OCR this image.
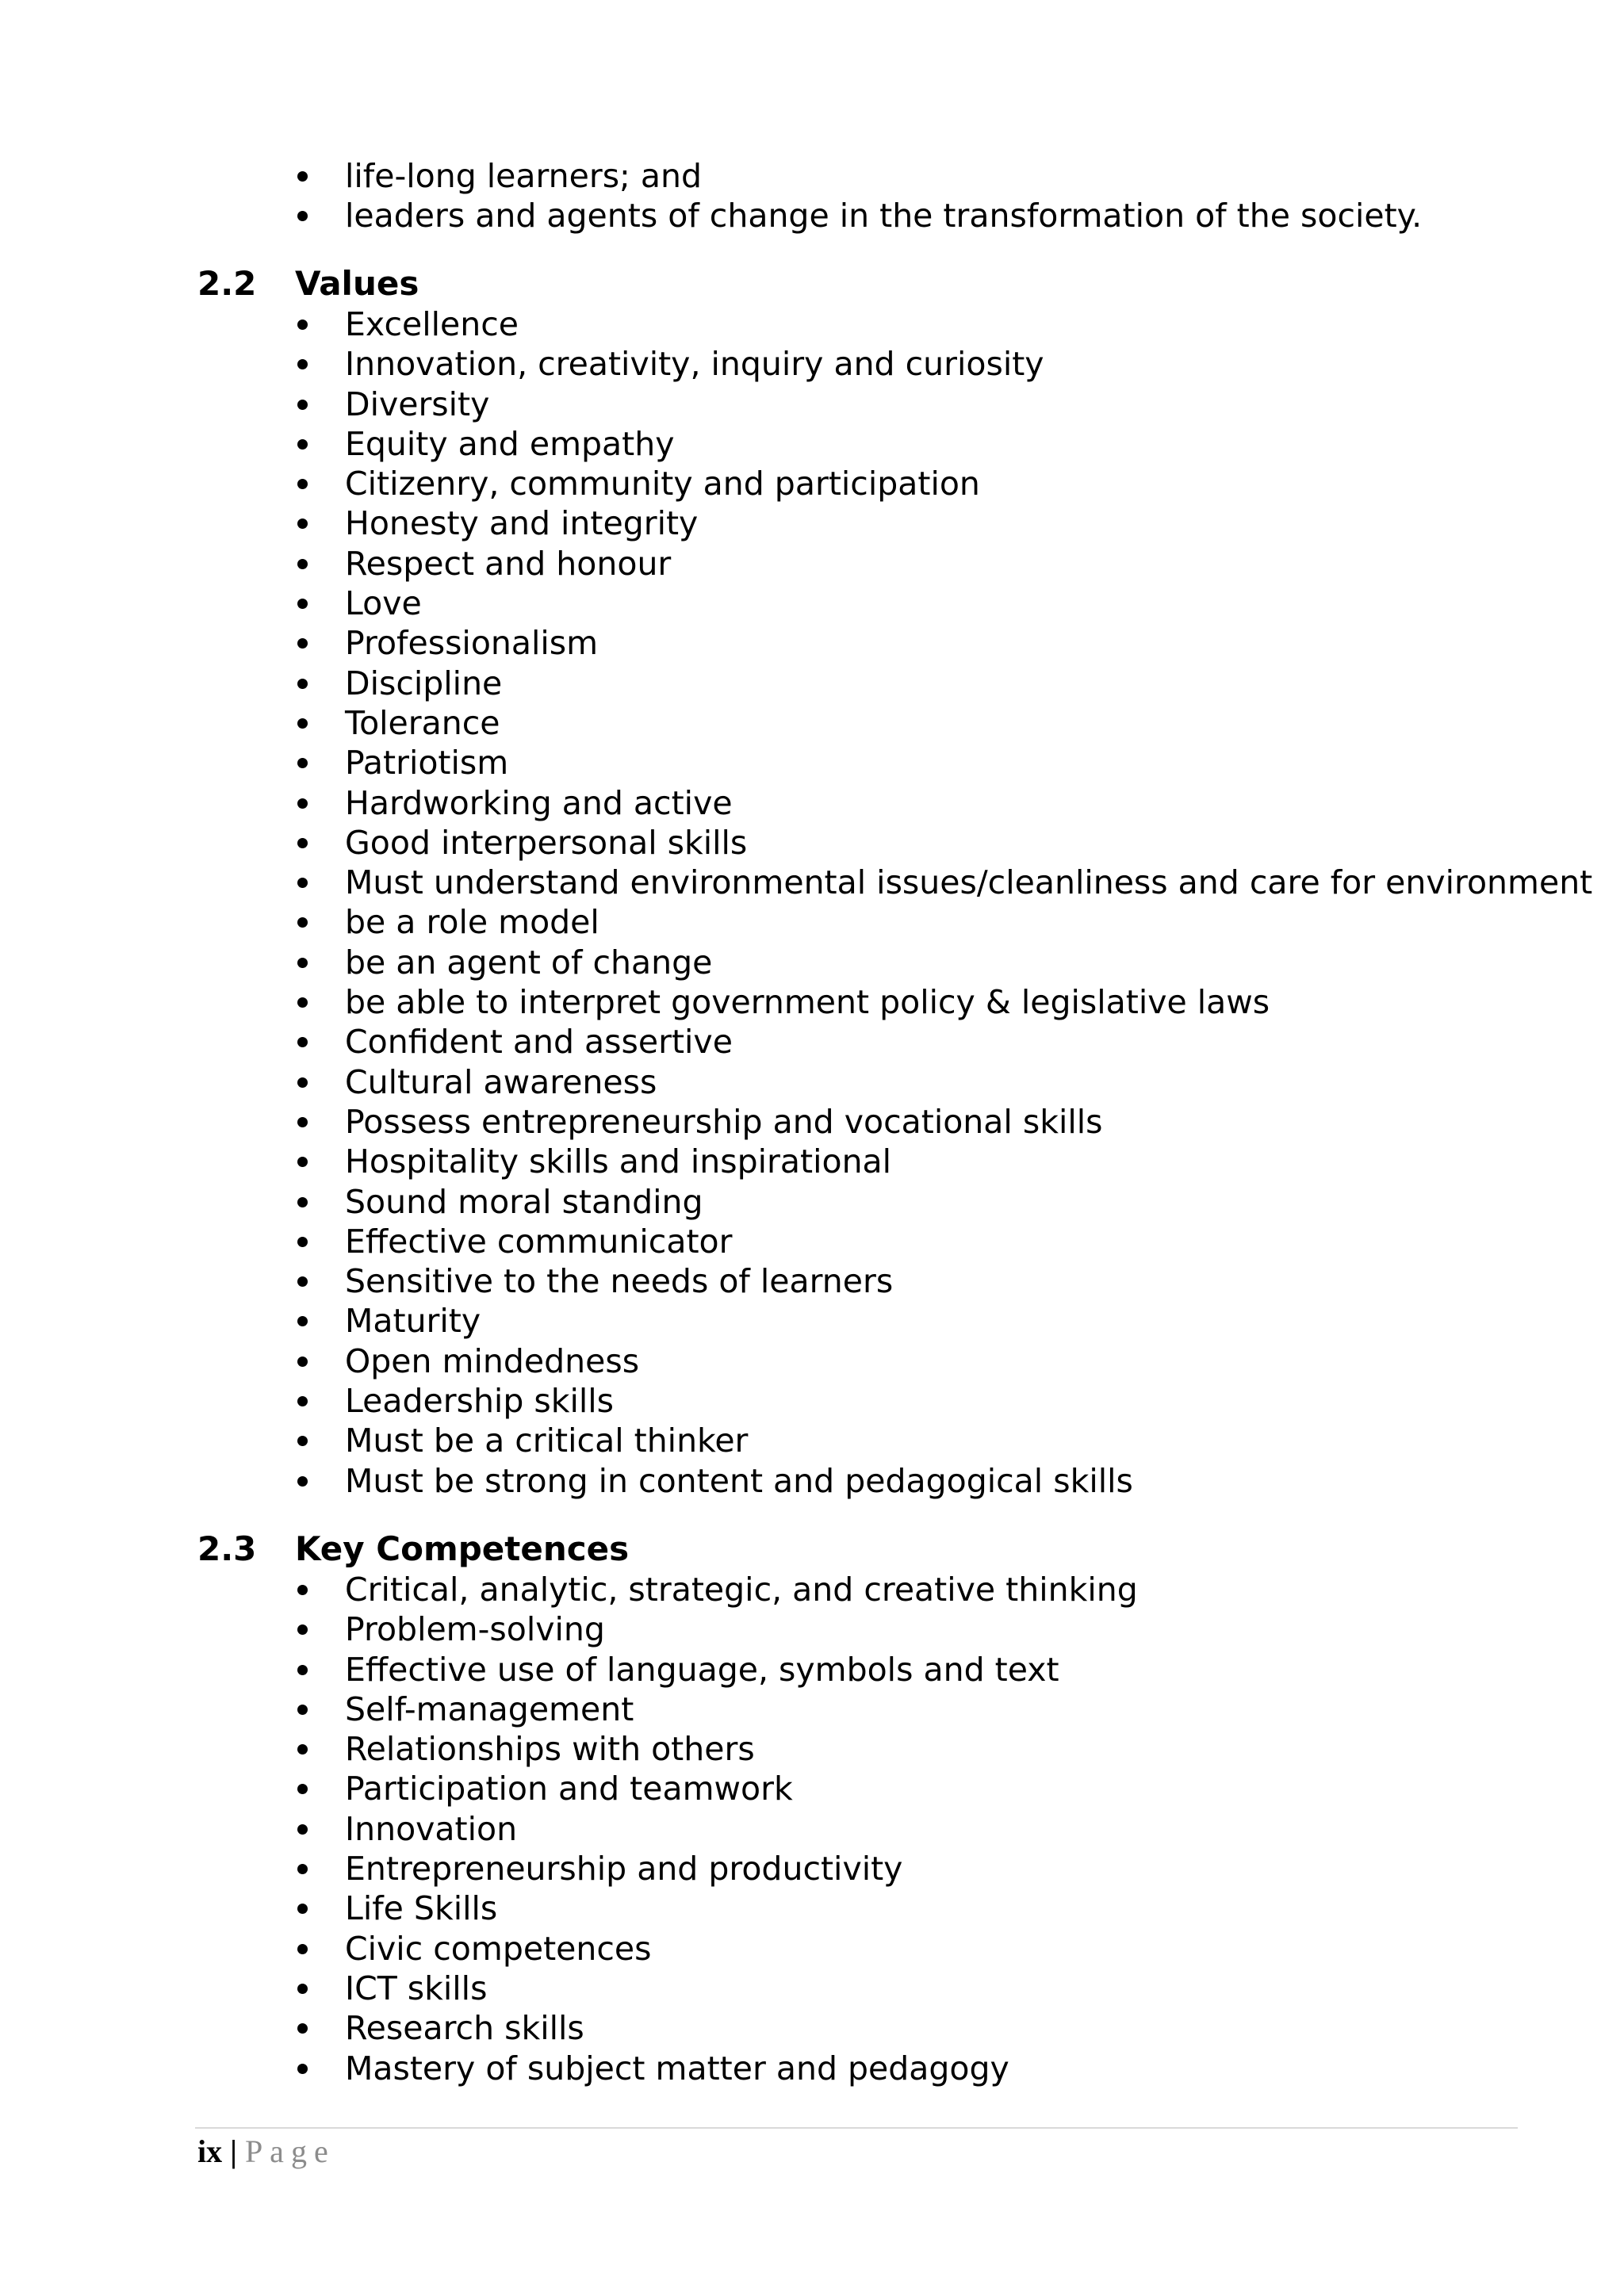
life-long learners; and
leaders and agents of change in the transformation of the society.
2.2 Values
Excellence
Innovation, creativity, inquiry and curiosity
Diversity
Equity and empathy
Citizenry, community and participation
Honesty and integrity
Respect and honour
Love
Professionalism
Discipline
Tolerance
Patriotism
Hardworking and active
Good interpersonal skills
Must understand environmental issues/cleanliness and care for environment
be a role model
be an agent of change
be able to interpret government policy & legislative laws
Confident and assertive
Cultural awareness
Possess entrepreneurship and vocational skills
Hospitality skills and inspirational
Sound moral standing
Effective communicator
Sensitive to the needs of learners
Maturity
Open mindedness
Leadership skills
Must be a critical thinker
Must be strong in content and pedagogical skills
2.3 Key Competences
Critical, analytic, strategic, and creative thinking
Problem-solving
Effective use of language, symbols and text
Self-management
Relationships with others
Participation and teamwork
Innovation
Entrepreneurship and productivity
Life Skills
Civic competences
ICT skills
Research skills
Mastery of subject matter and pedagogy
ix | Page
